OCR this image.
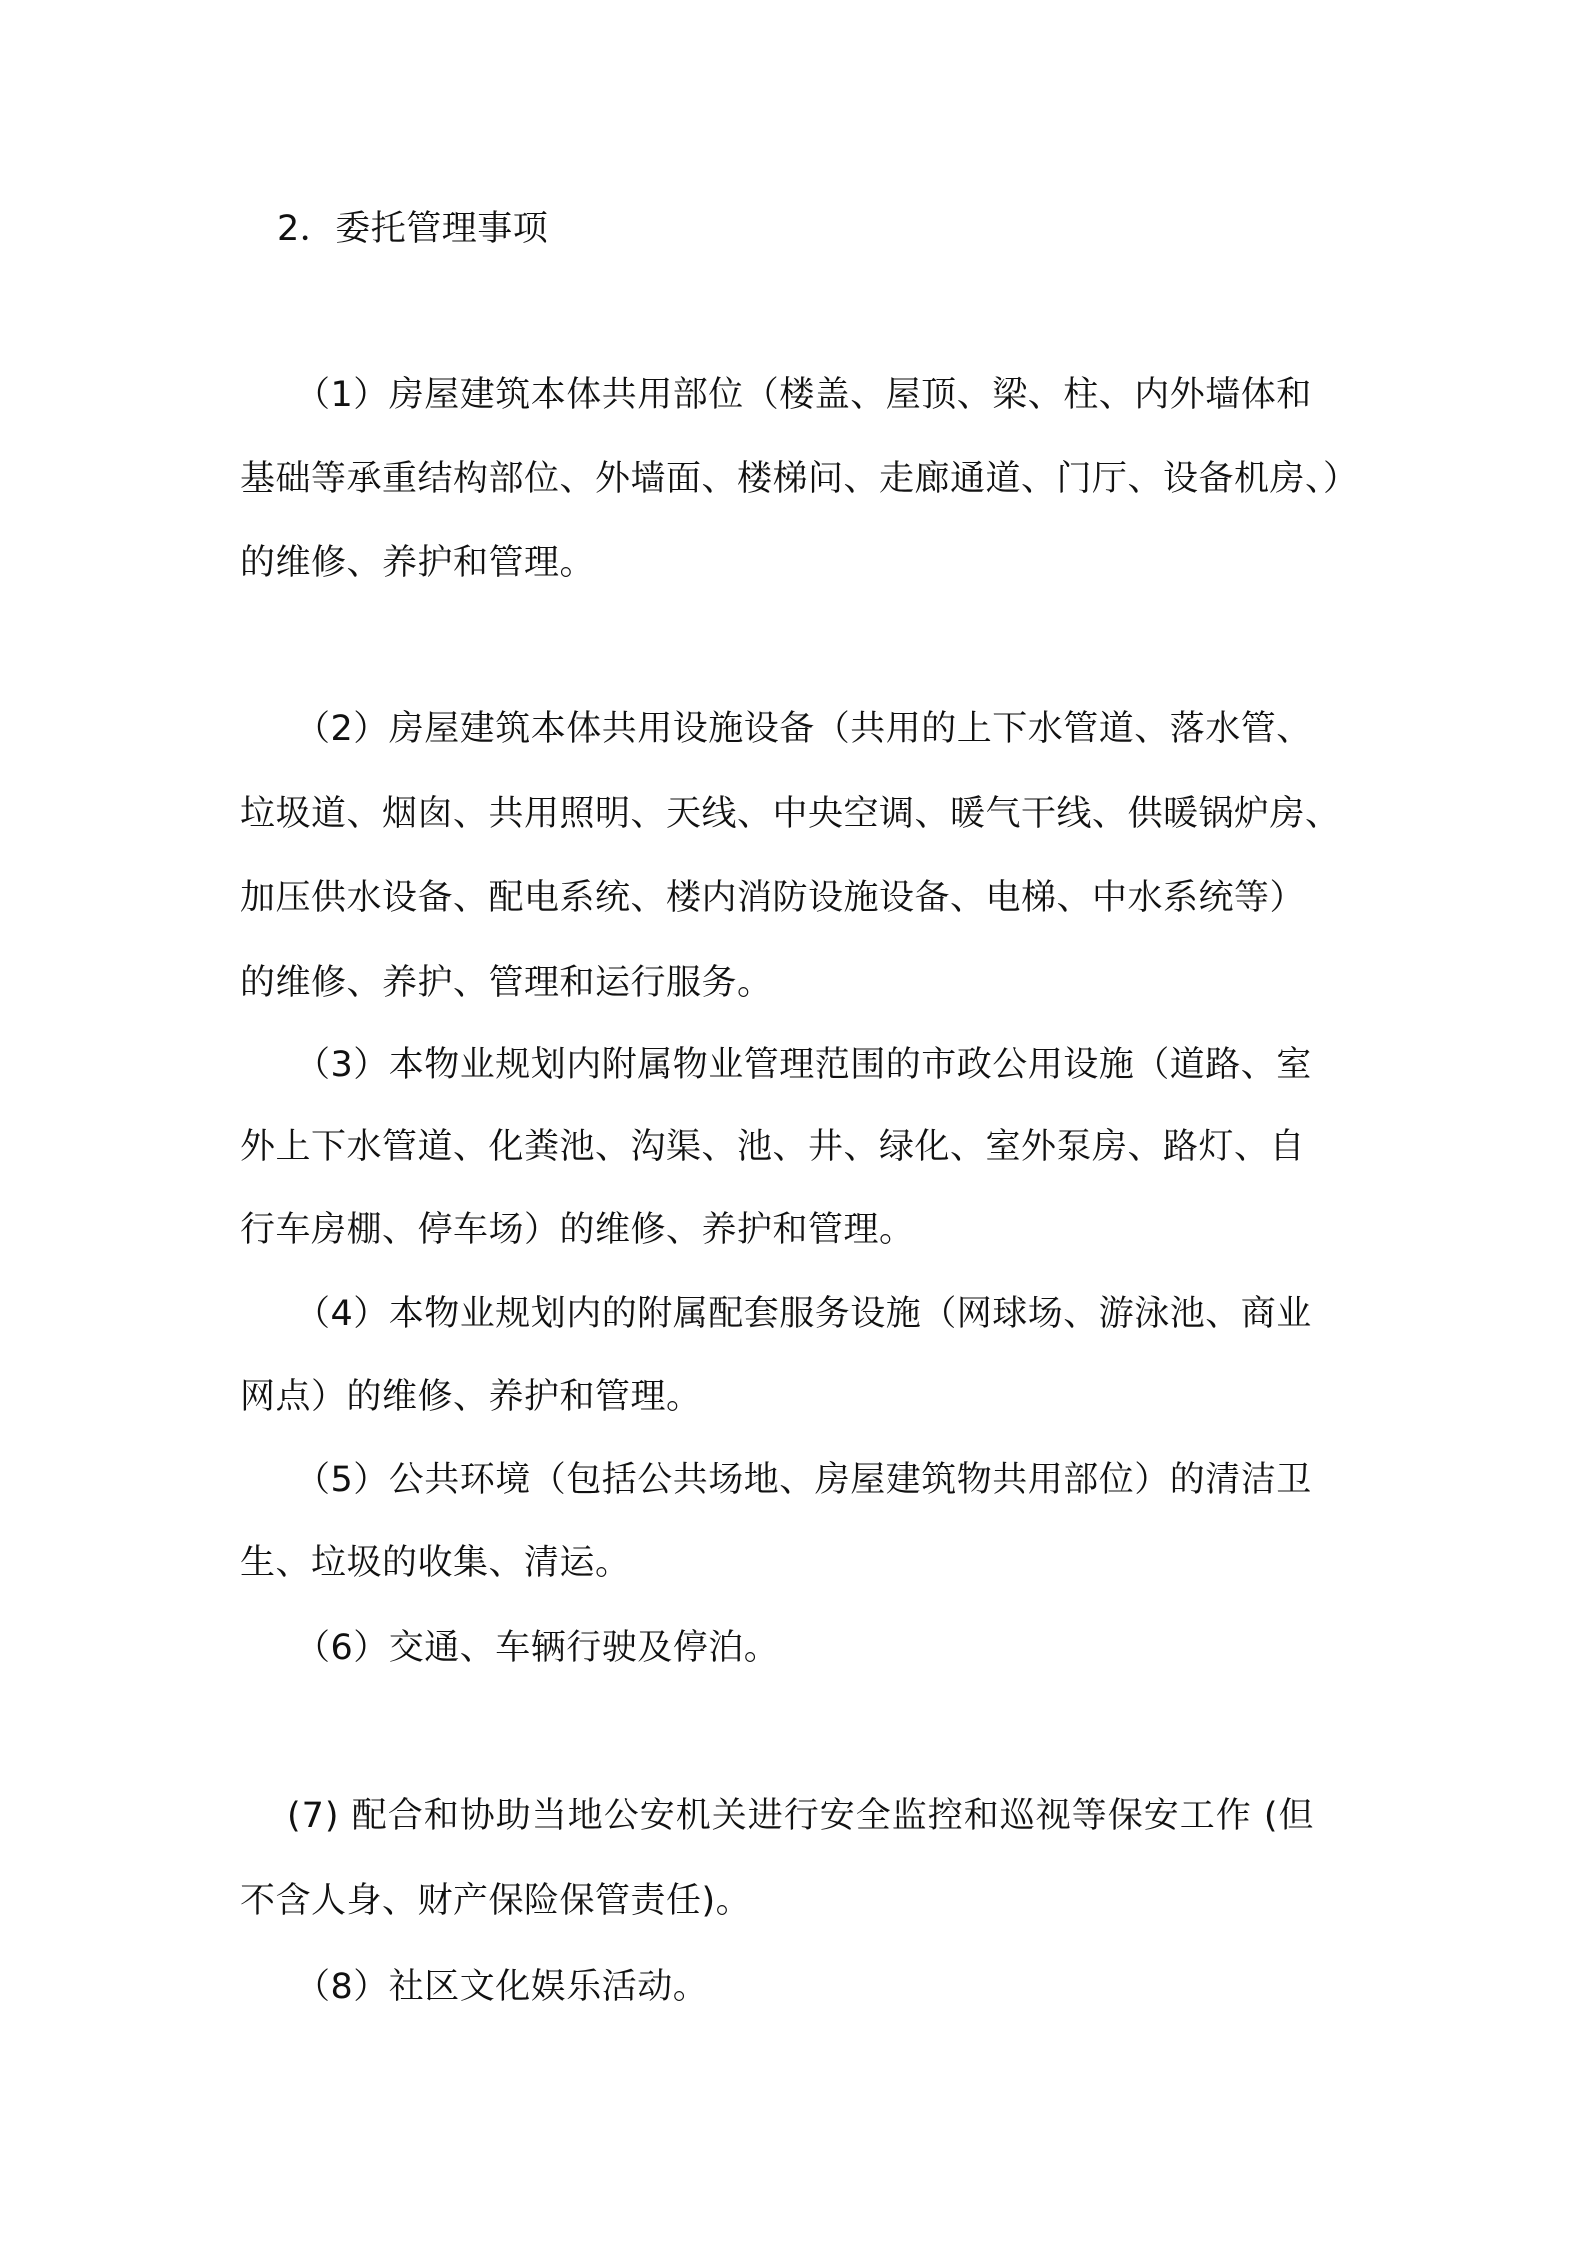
2．委托管理事项
（1）房屋建筑本体共用部位（楼盖、屋顶、梁、柱、内外墙体和
基础等承重结构部位、外墙面、楼梯问、走廊通道、门厅、设备机房、）
的维修、养护和管理。
（2）房屋建筑本体共用设施设备（共用的上下水管道、落水管、
垃圾道、烟囱、共用照明、天线、中央空调、暖气干线、供暖锅炉房、
加压供水设备、配电系统、楼内消防设施设备、电梯、中水系统等）
的维修、养护、管理和运行服务。
（3）本物业规划内附属物业管理范围的市政公用设施（道路、室
外上下水管道、化粪池、沟渠、池、井、绿化、室外泵房、路灯、自
行车房棚、停车场）的维修、养护和管理。
（4）本物业规划内的附属配套服务设施（网球场、游泳池、商业
网点）的维修、养护和管理。
（5）公共环境（包括公共场地、房屋建筑物共用部位）的清洁卫
生、垃圾的收集、清运。
（6）交通、车辆行驶及停泊。
(7) 配合和协助当地公安机关进行安全监控和巡视等保安工作 (但
不含人身、财产保险保管责任)。
（8）社区文化娱乐活动。
